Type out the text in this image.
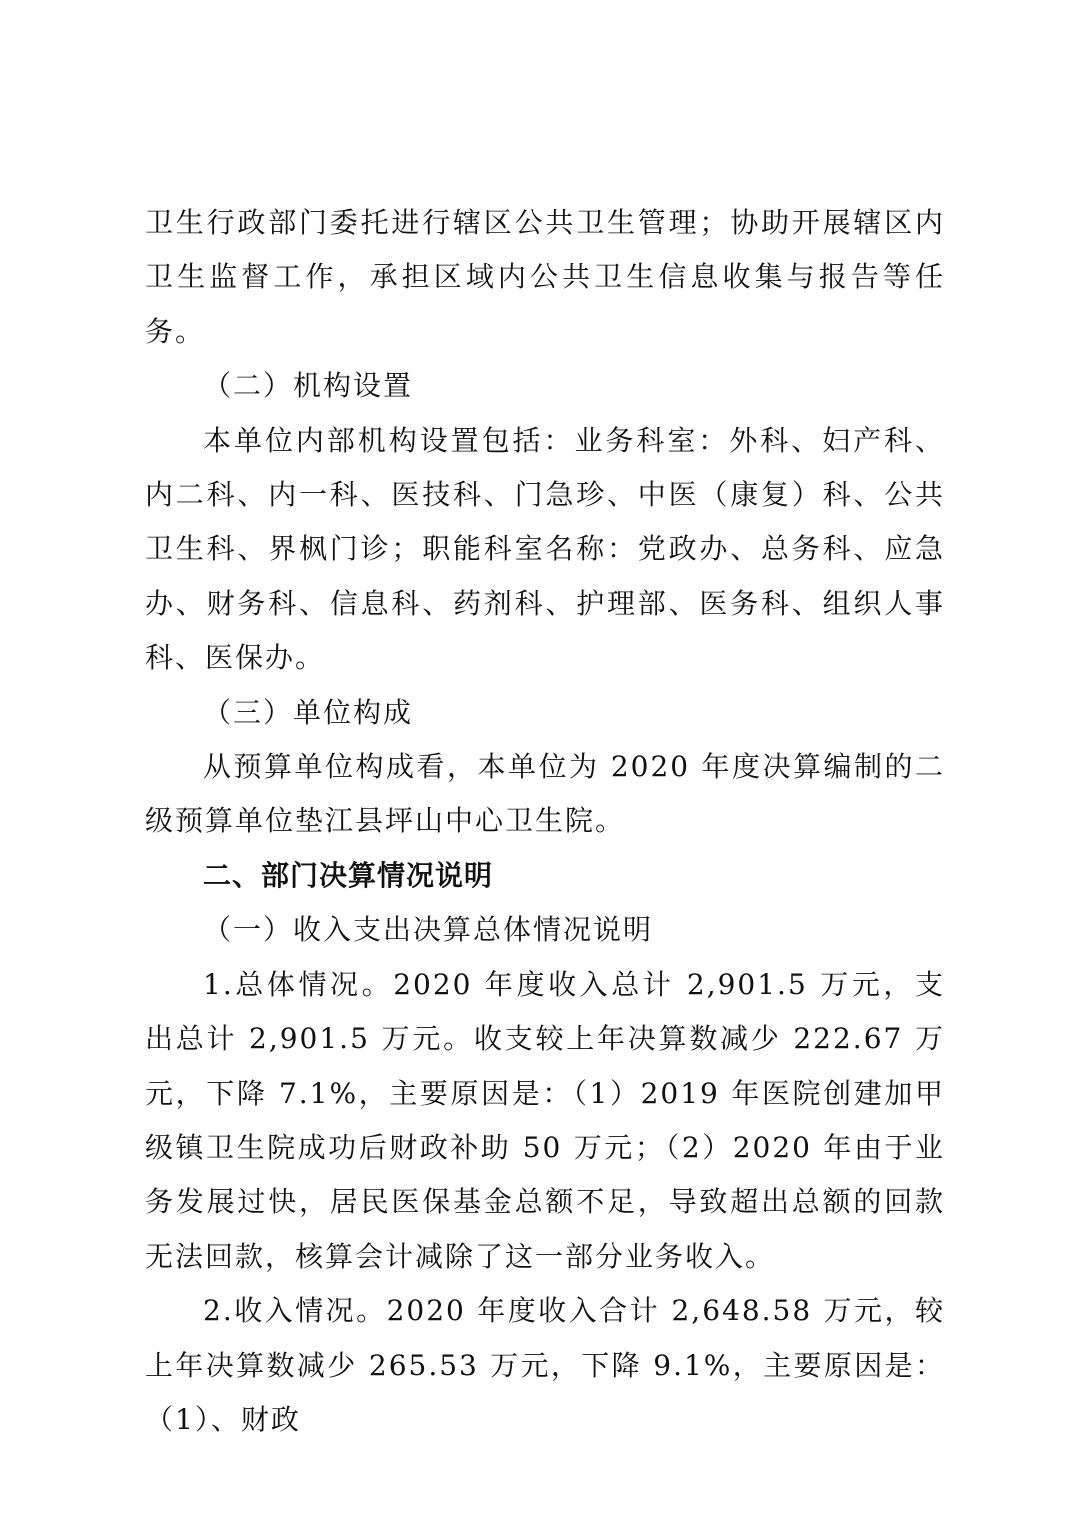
卫生行政部门委托进行辖区公共卫生管理；协助开展辖区内卫生监督工作，承担区域内公共卫生信息收集与报告等任务。

（二）机构设置

本单位内部机构设置包括：业务科室：外科、妇产科、内二科、内一科、医技科、门急珍、中医（康复）科、公共卫生科、界枫门诊；职能科室名称：党政办、总务科、应急办、财务科、信息科、药剂科、护理部、医务科、组织人事科、医保办。

（三）单位构成

从预算单位构成看，本单位为 2020 年度决算编制的二级预算单位垫江县坪山中心卫生院。

二、部门决算情况说明

（一）收入支出决算总体情况说明

1.总体情况。2020 年度收入总计 2,901.5 万元，支出总计 2,901.5 万元。收支较上年决算数减少 222.67 万元，下降 7.1%，主要原因是：（1）2019 年医院创建加甲级镇卫生院成功后财政补助 50 万元；（2）2020 年由于业务发展过快，居民医保基金总额不足，导致超出总额的回款无法回款，核算会计减除了这一部分业务收入。

2.收入情况。2020 年度收入合计 2,648.58 万元，较上年决算数减少 265.53 万元，下降 9.1%，主要原因是：（1）、财政
